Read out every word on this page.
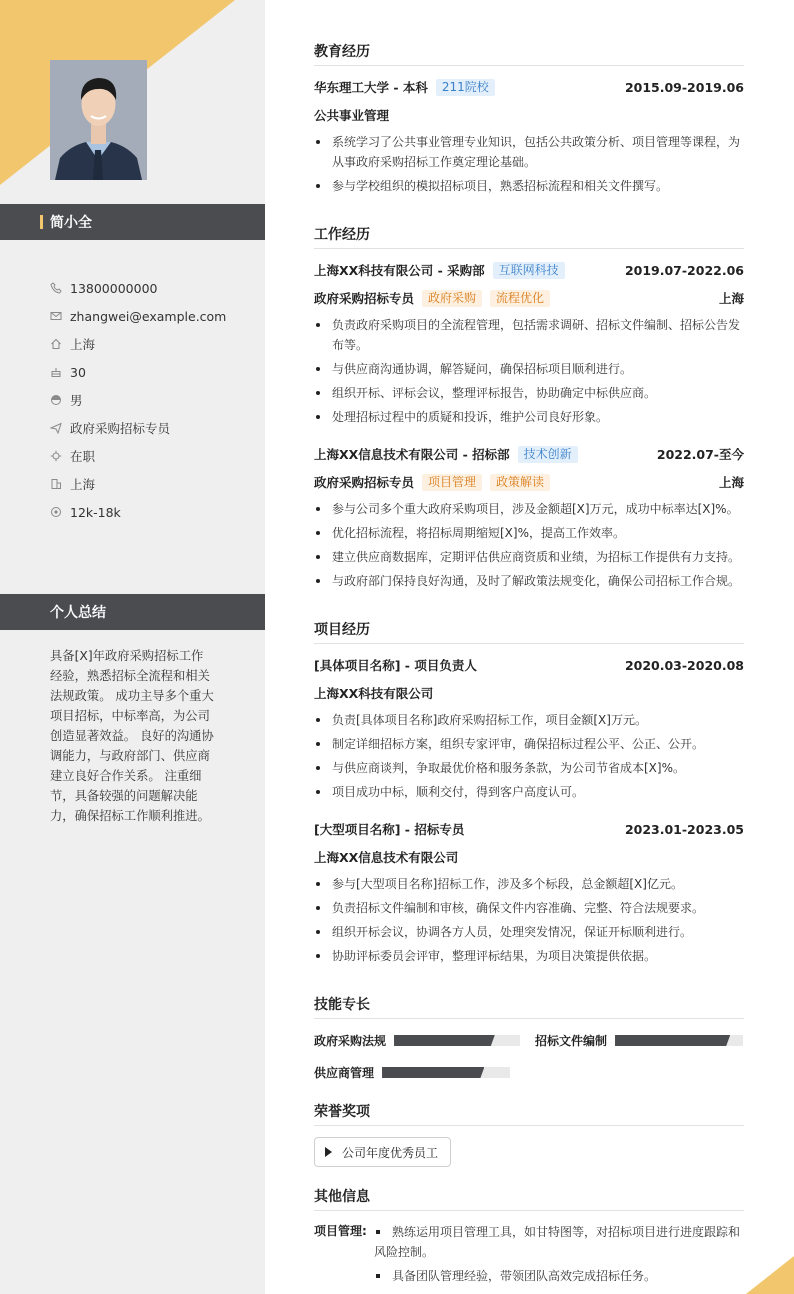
简小全
13800000000
zhangwei@example.com
上海
30
男
政府采购招标专员
在职
上海
12k-18k
个人总结
具备[X]年政府采购招标工作经验，熟悉招标全流程和相关法规政策。 成功主导多个重大项目招标，中标率高，为公司创造显著效益。 良好的沟通协调能力，与政府部门、供应商建立良好合作关系。 注重细节，具备较强的问题解决能力，确保招标工作顺利推进。
教育经历
华东理工大学 - 本科	211院校	2015.09-2019.06
公共事业管理
系统学习了公共事业管理专业知识，包括公共政策分析、项目管理等课程，为从事政府采购招标工作奠定理论基础。
参与学校组织的模拟招标项目，熟悉招标流程和相关文件撰写。
工作经历
上海XX科技有限公司 - 采购部	互联网科技	2019.07-2022.06
政府采购招标专员	政府采购	流程优化	上海
负责政府采购项目的全流程管理，包括需求调研、招标文件编制、招标公告发布等。
与供应商沟通协调，解答疑问，确保招标项目顺利进行。
组织开标、评标会议，整理评标报告，协助确定中标供应商。
处理招标过程中的质疑和投诉，维护公司良好形象。
上海XX信息技术有限公司 - 招标部	技术创新	2022.07-至今
政府采购招标专员	项目管理	政策解读	上海
参与公司多个重大政府采购项目，涉及金额超[X]万元，成功中标率达[X]%。
优化招标流程，将招标周期缩短[X]%，提高工作效率。
建立供应商数据库，定期评估供应商资质和业绩，为招标工作提供有力支持。
与政府部门保持良好沟通，及时了解政策法规变化，确保公司招标工作合规。
项目经历
[具体项目名称] - 项目负责人	2020.03-2020.08
上海XX科技有限公司
负责[具体项目名称]政府采购招标工作，项目金额[X]万元。
制定详细招标方案，组织专家评审，确保招标过程公平、公正、公开。
与供应商谈判，争取最优价格和服务条款，为公司节省成本[X]%。
项目成功中标，顺利交付，得到客户高度认可。
[大型项目名称] - 招标专员	2023.01-2023.05
上海XX信息技术有限公司
参与[大型项目名称]招标工作，涉及多个标段，总金额超[X]亿元。
负责招标文件编制和审核，确保文件内容准确、完整、符合法规要求。
组织开标会议，协调各方人员，处理突发情况，保证开标顺利进行。
协助评标委员会评审，整理评标结果，为项目决策提供依据。
技能专长
政府采购法规	招标文件编制
供应商管理
荣誉奖项
公司年度优秀员工
其他信息
项目管理:	熟练运用项目管理工具，如甘特图等，对招标项目进行进度跟踪和风险控制。
具备团队管理经验，带领团队高效完成招标任务。
